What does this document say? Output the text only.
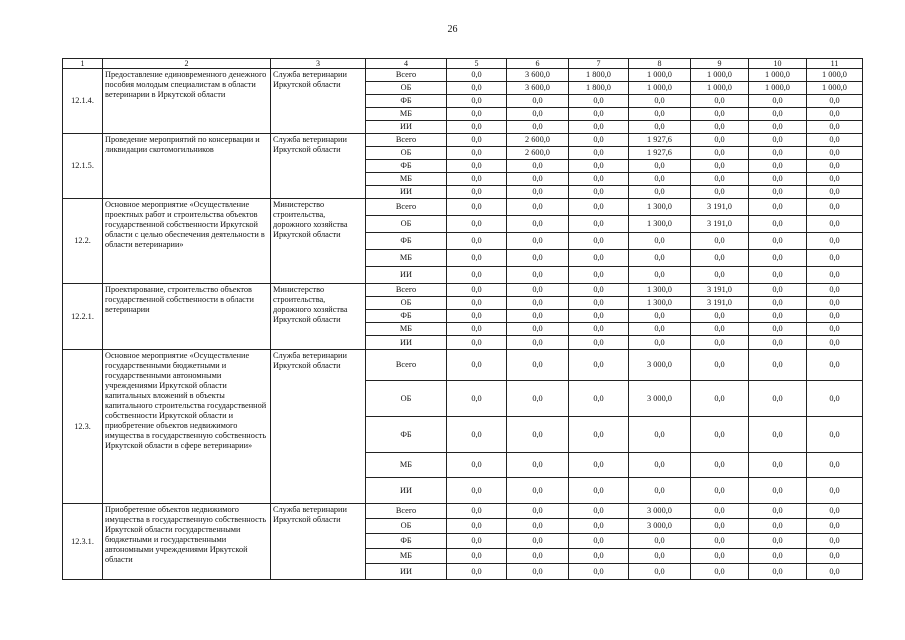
26
1	2	3	4	5	6	7	8	9	10	11
12.1.4.	Предоставление единовременного денежного пособия молодым специалистам в области ветеринарии в Иркутской области	Служба ветеринарии Иркутской области	Всего	0,0	3 600,0	1 800,0	1 000,0	1 000,0	1 000,0	1 000,0
			ОБ	0,0	3 600,0	1 800,0	1 000,0	1 000,0	1 000,0	1 000,0
			ФБ	0,0	0,0	0,0	0,0	0,0	0,0	0,0
			МБ	0,0	0,0	0,0	0,0	0,0	0,0	0,0
			ИИ	0,0	0,0	0,0	0,0	0,0	0,0	0,0
12.1.5.	Проведение мероприятий по консервации и ликвидации скотомогильников	Служба ветеринарии Иркутской области	Всего	0,0	2 600,0	0,0	1 927,6	0,0	0,0	0,0
			ОБ	0,0	2 600,0	0,0	1 927,6	0,0	0,0	0,0
			ФБ	0,0	0,0	0,0	0,0	0,0	0,0	0,0
			МБ	0,0	0,0	0,0	0,0	0,0	0,0	0,0
			ИИ	0,0	0,0	0,0	0,0	0,0	0,0	0,0
12.2.	Основное мероприятие «Осуществление проектных работ и строительства объектов государственной собственности Иркутской области с целью обеспечения деятельности в области ветеринарии»	Министерство строительства, дорожного хозяйства Иркутской области	Всего	0,0	0,0	0,0	1 300,0	3 191,0	0,0	0,0
			ОБ	0,0	0,0	0,0	1 300,0	3 191,0	0,0	0,0
			ФБ	0,0	0,0	0,0	0,0	0,0	0,0	0,0
			МБ	0,0	0,0	0,0	0,0	0,0	0,0	0,0
			ИИ	0,0	0,0	0,0	0,0	0,0	0,0	0,0
12.2.1.	Проектирование, строительство объектов государственной собственности в области ветеринарии	Министерство строительства, дорожного хозяйства Иркутской области	Всего	0,0	0,0	0,0	1 300,0	3 191,0	0,0	0,0
			ОБ	0,0	0,0	0,0	1 300,0	3 191,0	0,0	0,0
			ФБ	0,0	0,0	0,0	0,0	0,0	0,0	0,0
			МБ	0,0	0,0	0,0	0,0	0,0	0,0	0,0
			ИИ	0,0	0,0	0,0	0,0	0,0	0,0	0,0
12.3.	Основное мероприятие «Осуществление государственными бюджетными и государственными автономными учреждениями Иркутской области капитальных вложений в объекты капитального строительства государственной собственности Иркутской области и приобретение объектов недвижимого имущества в государственную собственность Иркутской области в сфере ветеринарии»	Служба ветеринарии Иркутской области	Всего	0,0	0,0	0,0	3 000,0	0,0	0,0	0,0
			ОБ	0,0	0,0	0,0	3 000,0	0,0	0,0	0,0
			ФБ	0,0	0,0	0,0	0,0	0,0	0,0	0,0
			МБ	0,0	0,0	0,0	0,0	0,0	0,0	0,0
			ИИ	0,0	0,0	0,0	0,0	0,0	0,0	0,0
12.3.1.	Приобретение объектов недвижимого имущества в государственную собственность Иркутской области государственными бюджетными и государственными автономными учреждениями Иркутской области	Служба ветеринарии Иркутской области	Всего	0,0	0,0	0,0	3 000,0	0,0	0,0	0,0
			ОБ	0,0	0,0	0,0	3 000,0	0,0	0,0	0,0
			ФБ	0,0	0,0	0,0	0,0	0,0	0,0	0,0
			МБ	0,0	0,0	0,0	0,0	0,0	0,0	0,0
			ИИ	0,0	0,0	0,0	0,0	0,0	0,0	0,0
